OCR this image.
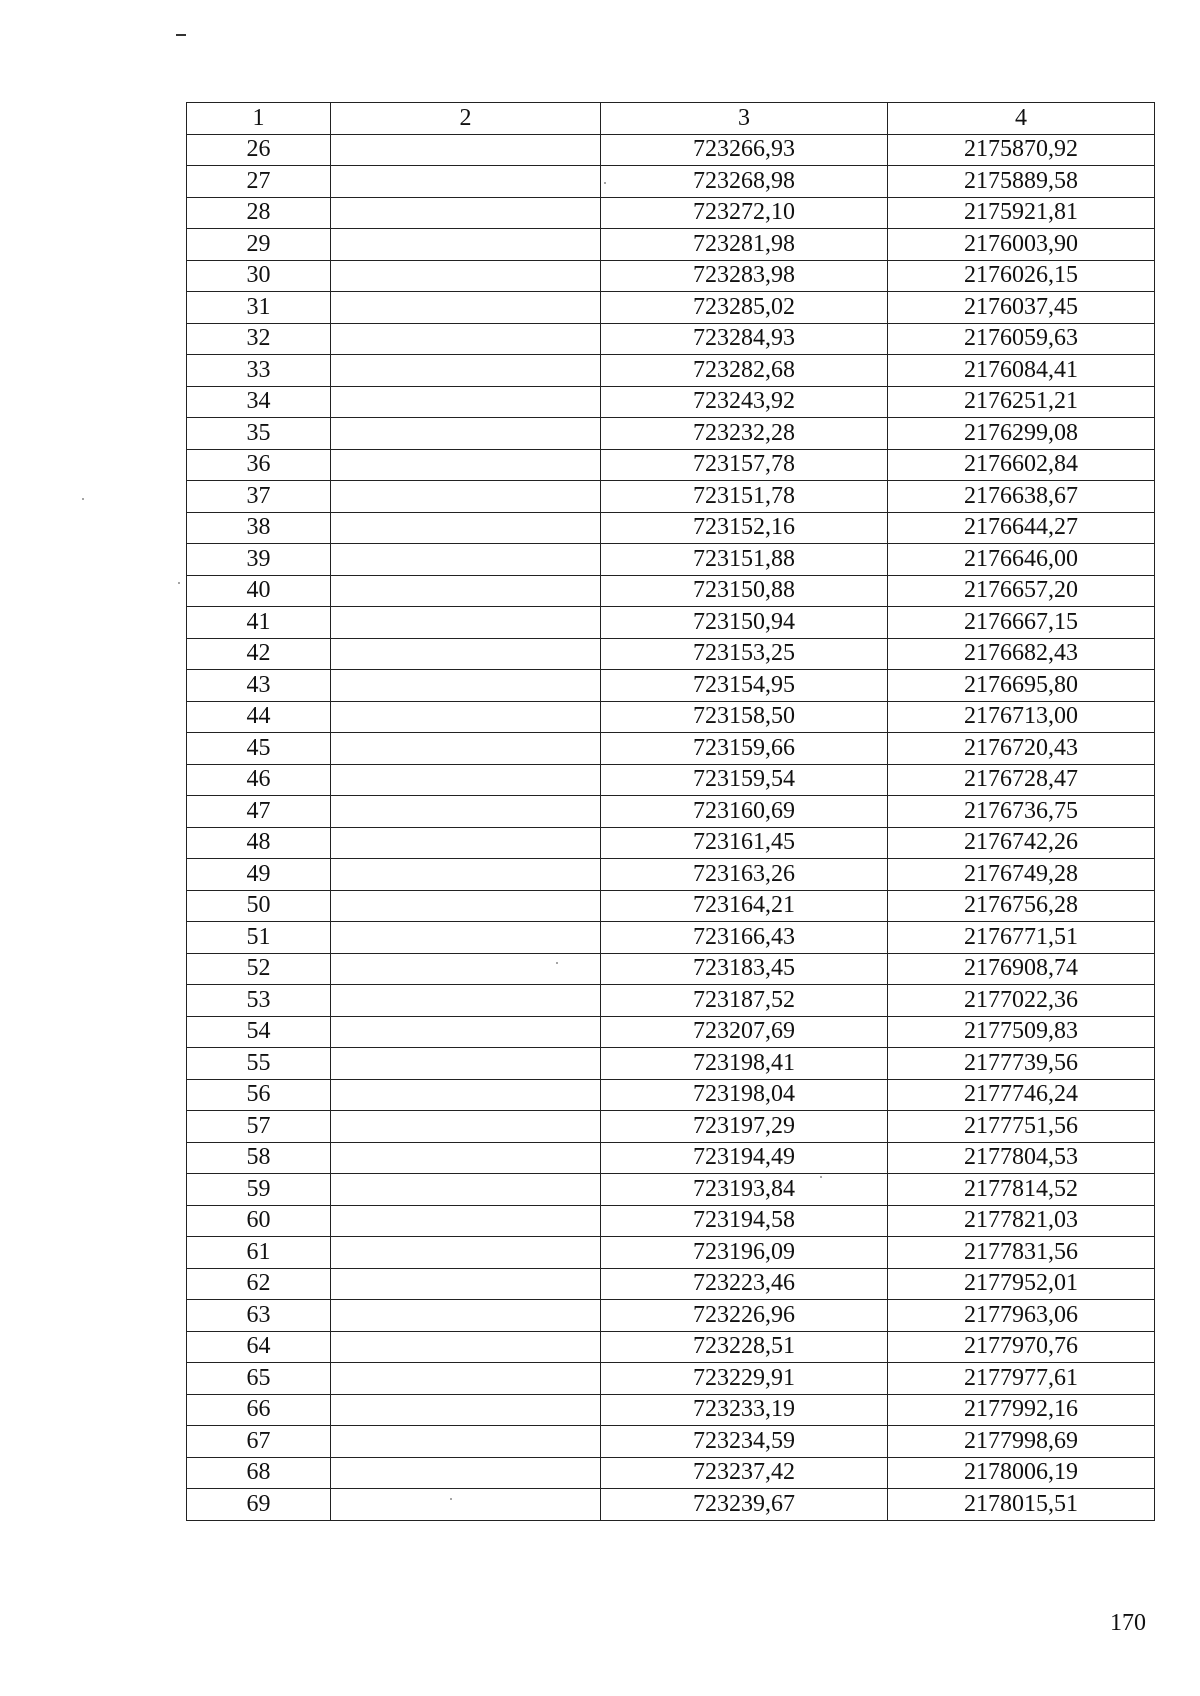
1	2	3	4
26		723266,93	2175870,92
27		723268,98	2175889,58
28		723272,10	2175921,81
29		723281,98	2176003,90
30		723283,98	2176026,15
31		723285,02	2176037,45
32		723284,93	2176059,63
33		723282,68	2176084,41
34		723243,92	2176251,21
35		723232,28	2176299,08
36		723157,78	2176602,84
37		723151,78	2176638,67
38		723152,16	2176644,27
39		723151,88	2176646,00
40		723150,88	2176657,20
41		723150,94	2176667,15
42		723153,25	2176682,43
43		723154,95	2176695,80
44		723158,50	2176713,00
45		723159,66	2176720,43
46		723159,54	2176728,47
47		723160,69	2176736,75
48		723161,45	2176742,26
49		723163,26	2176749,28
50		723164,21	2176756,28
51		723166,43	2176771,51
52		723183,45	2176908,74
53		723187,52	2177022,36
54		723207,69	2177509,83
55		723198,41	2177739,56
56		723198,04	2177746,24
57		723197,29	2177751,56
58		723194,49	2177804,53
59		723193,84	2177814,52
60		723194,58	2177821,03
61		723196,09	2177831,56
62		723223,46	2177952,01
63		723226,96	2177963,06
64		723228,51	2177970,76
65		723229,91	2177977,61
66		723233,19	2177992,16
67		723234,59	2177998,69
68		723237,42	2178006,19
69		723239,67	2178015,51
170
